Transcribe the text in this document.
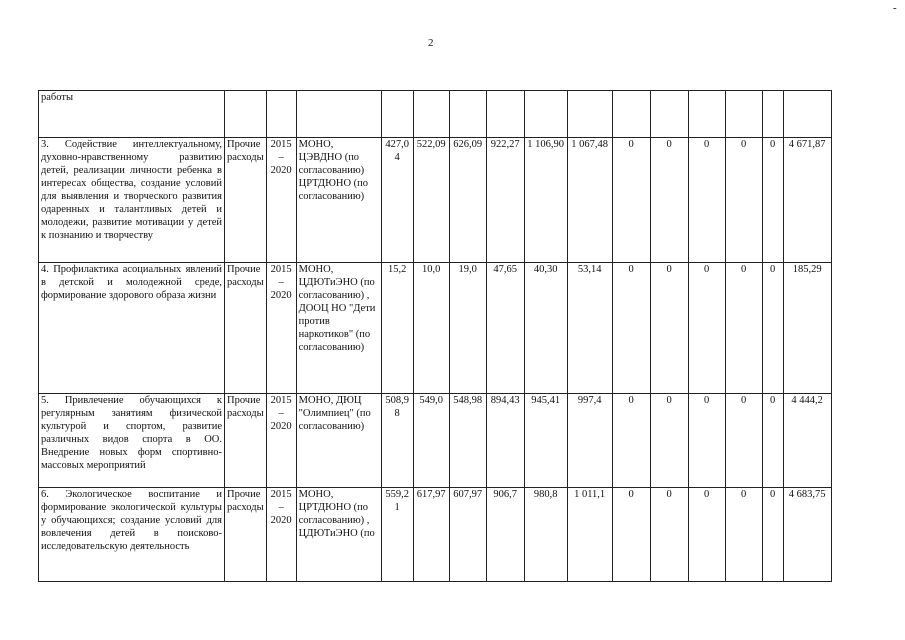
2
-
работы															
3. Содействие интеллектуальному, духовно-нравственному развитию детей, реализации личности ребенка в интересах общества, создание условий для выявления и творческого развития одаренных и талантливых детей и молодежи, развитие мотивации у детей к познанию и творчеству	Прочие расходы	2015 – 2020	МОНО, ЦЭВДНО (по согласованию) ЦРТДЮНО (по согласованию)	427,04	522,09	626,09	922,27	1 106,90	1 067,48	0	0	0	0	0	4 671,87
4. Профилактика асоциальных явлений в детской и молодежной среде, формирование здорового образа жизни	Прочие расходы	2015 – 2020	МОНО, ЦДЮТиЭНО (по согласованию) , ДООЦ НО "Дети против наркотиков" (по согласованию)	15,2	10,0	19,0	47,65	40,30	53,14	0	0	0	0	0	185,29
5. Привлечение обучающихся к регулярным занятиям физической культурой и спортом, развитие различных видов спорта в ОО. Внедрение новых форм спортивно-массовых мероприятий	Прочие расходы	2015 – 2020	МОНО, ДЮЦ "Олимпиец" (по согласованию)	508,98	549,0	548,98	894,43	945,41	997,4	0	0	0	0	0	4 444,2
6. Экологическое воспитание и формирование экологической культуры у обучающихся; создание условий для вовлечения детей в поисково-исследовательскую деятельность	Прочие расходы	2015 – 2020	МОНО, ЦРТДЮНО (по согласованию) , ЦДЮТиЭНО (по	559,21	617,97	607,97	906,7	980,8	1 011,1	0	0	0	0	0	4 683,75
